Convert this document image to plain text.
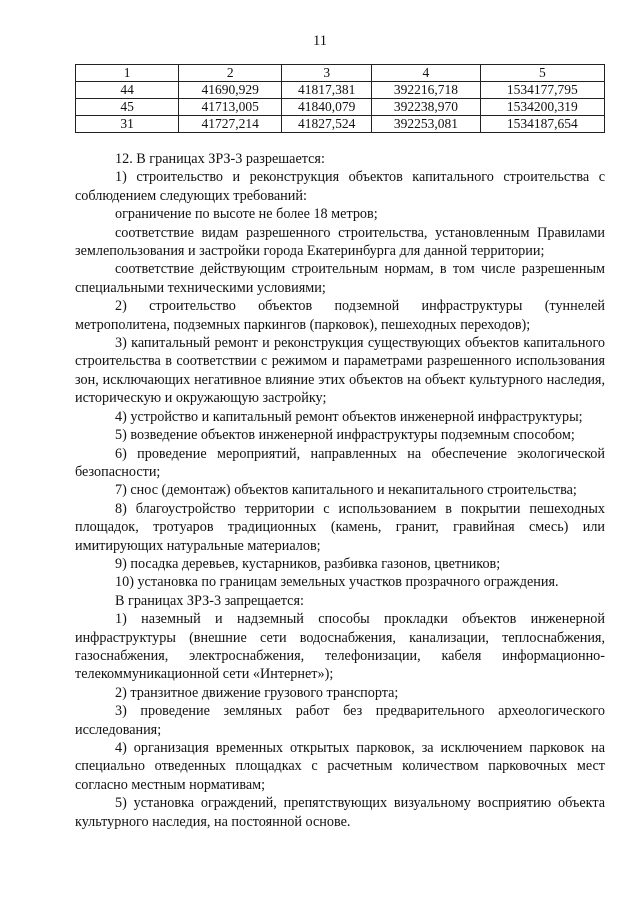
11
1	2	3	4	5
44	41690,929	41817,381	392216,718	1534177,795
45	41713,005	41840,079	392238,970	1534200,319
31	41727,214	41827,524	392253,081	1534187,654

12. В границах ЗРЗ-3 разрешается:

1) строительство и реконструкция объектов капитального строительства с соблюдением следующих требований:

ограничение по высоте не более 18 метров;

соответствие видам разрешенного строительства, установленным Правилами землепользования и застройки города Екатеринбурга для данной территории;

соответствие действующим строительным нормам, в том числе разрешенным специальными техническими условиями;

2) строительство объектов подземной инфраструктуры (туннелей метрополитена, подземных паркингов (парковок), пешеходных переходов);

3) капитальный ремонт и реконструкция существующих объектов капитального строительства в соответствии с режимом и параметрами разрешенного использования зон, исключающих негативное влияние этих объектов на объект культурного наследия, историческую и окружающую застройку;

4) устройство и капитальный ремонт объектов инженерной инфраструктуры;

5) возведение объектов инженерной инфраструктуры подземным способом;

6) проведение мероприятий, направленных на обеспечение экологической безопасности;

7) снос (демонтаж) объектов капитального и некапитального строительства;

8) благоустройство территории с использованием в покрытии пешеходных площадок, тротуаров традиционных (камень, гранит, гравийная смесь) или имитирующих натуральные материалов;

9) посадка деревьев, кустарников, разбивка газонов, цветников;

10) установка по границам земельных участков прозрачного ограждения.

В границах ЗРЗ-3 запрещается:

1) наземный и надземный способы прокладки объектов инженерной инфраструктуры (внешние сети водоснабжения, канализации, теплоснабжения, газоснабжения, электроснабжения, телефонизации, кабеля информационно-телекоммуникационной сети «Интернет»);

2) транзитное движение грузового транспорта;

3) проведение земляных работ без предварительного археологического исследования;

4) организация временных открытых парковок, за исключением парковок на специально отведенных площадках с расчетным количеством парковочных мест согласно местным нормативам;

5) установка ограждений, препятствующих визуальному восприятию объекта культурного наследия, на постоянной основе.
